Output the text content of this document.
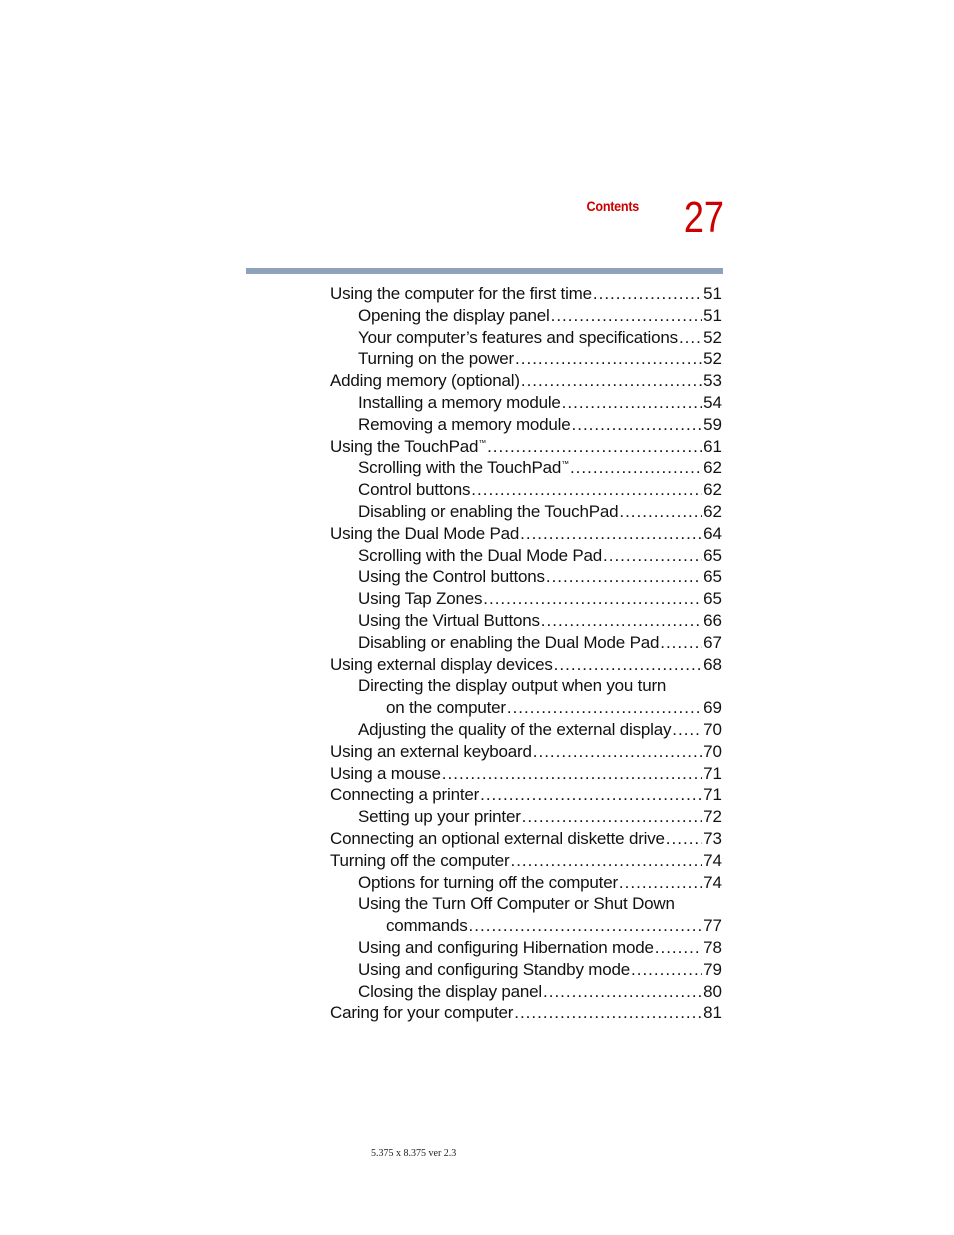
Contents 27
Using the computer for the first time .....	51
Opening the display panel .....	51
Your computer’s features and specifications ..... 52
Turning on the power .....	52
Adding memory (optional) .....	53
Installing a memory module .....	54
Removing a memory module .....	59
Using the TouchPad™ .....	61
Scrolling with the TouchPad™ .....	62
Control buttons .....	62
Disabling or enabling the TouchPad .....	62
Using the Dual Mode Pad .....	64
Scrolling with the Dual Mode Pad .....	65
Using the Control buttons .....	65
Using Tap Zones .....	65
Using the Virtual Buttons .....	66
Disabling or enabling the Dual Mode Pad .....	67
Using external display devices .....	68
Directing the display output when you turn
on the computer .....	69
Adjusting the quality of the external display ..... 70
Using an external keyboard .....	70
Using a mouse .....	71
Connecting a printer .....	71
Setting up your printer .....	72
Connecting an optional external diskette drive ..... 73
Turning off the computer .....	74
Options for turning off the computer .....	74
Using the Turn Off Computer or Shut Down
commands .....	77
Using and configuring Hibernation mode .....	78
Using and configuring Standby mode .....	79
Closing the display panel .....	80
Caring for your computer .....	81
5.375 x 8.375 ver 2.3
